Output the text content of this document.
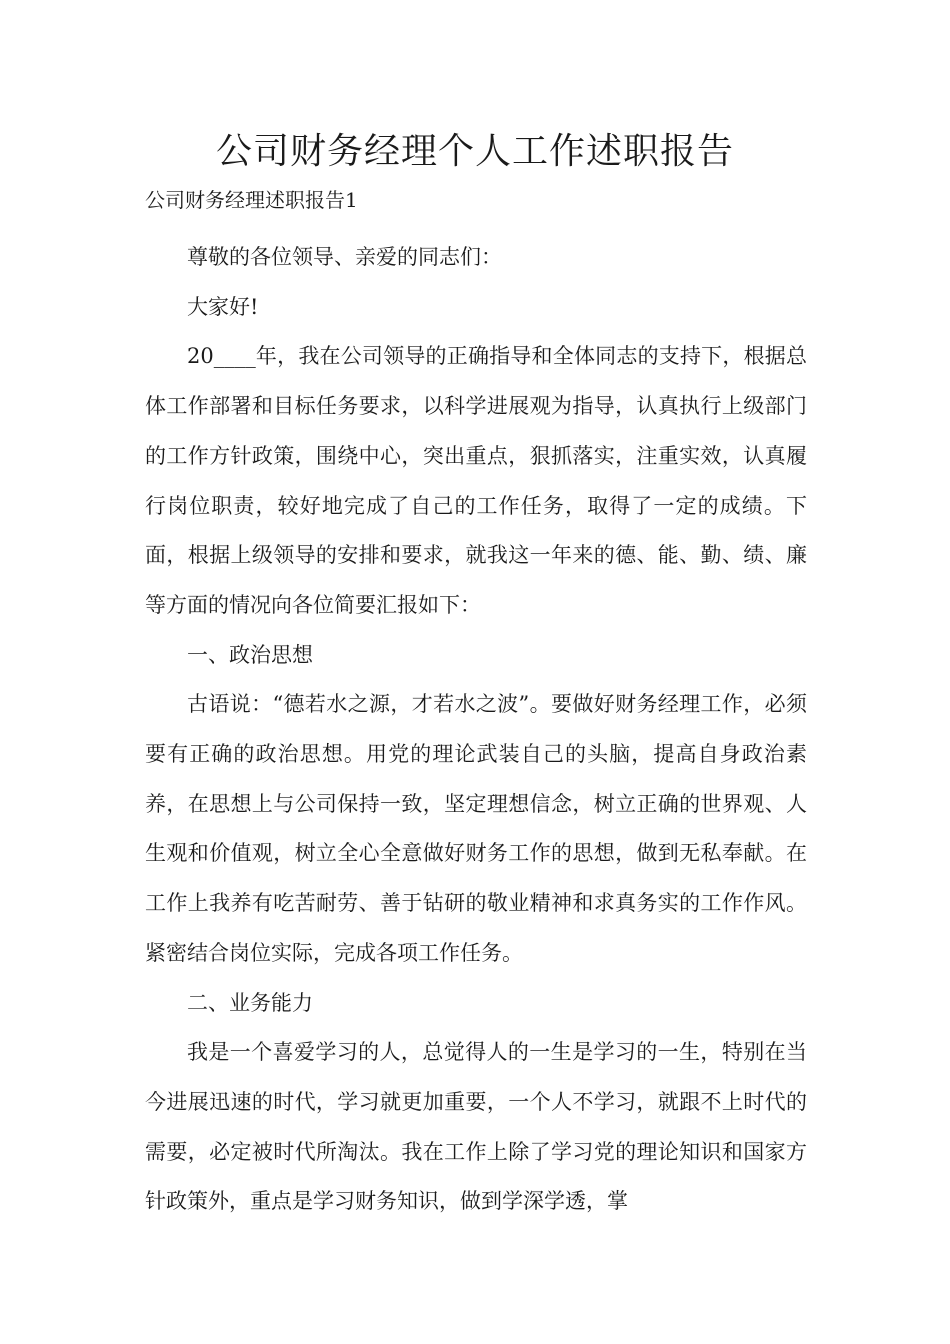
公司财务经理个人工作述职报告

公司财务经理述职报告1

尊敬的各位领导、亲爱的同志们：

大家好!

20____年，我在公司领导的正确指导和全体同志的支持下，根据总体工作部署和目标任务要求，以科学进展观为指导，认真执行上级部门的工作方针政策，围绕中心，突出重点，狠抓落实，注重实效，认真履行岗位职责，较好地完成了自己的工作任务，取得了一定的成绩。下面，根据上级领导的安排和要求，就我这一年来的德、能、勤、绩、廉等方面的情况向各位简要汇报如下：

一、政治思想

古语说：“德若水之源，才若水之波”。要做好财务经理工作，必须要有正确的政治思想。用党的理论武装自己的头脑，提高自身政治素养，在思想上与公司保持一致，坚定理想信念，树立正确的世界观、人生观和价值观，树立全心全意做好财务工作的思想，做到无私奉献。在工作上我养有吃苦耐劳、善于钻研的敬业精神和求真务实的工作作风。紧密结合岗位实际，完成各项工作任务。

二、业务能力

我是一个喜爱学习的人，总觉得人的一生是学习的一生，特别在当今进展迅速的时代，学习就更加重要，一个人不学习，就跟不上时代的需要，必定被时代所淘汰。我在工作上除了学习党的理论知识和国家方针政策外，重点是学习财务知识，做到学深学透，掌
